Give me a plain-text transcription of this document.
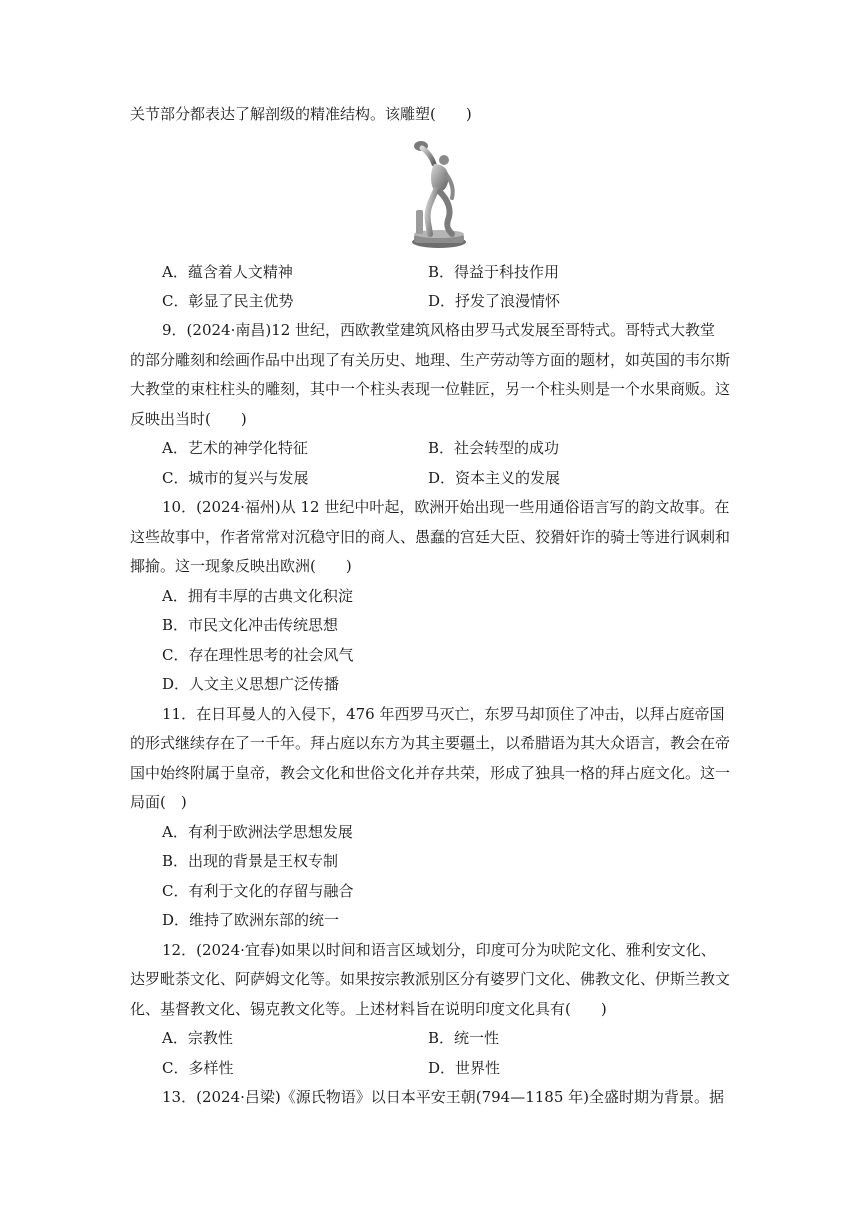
关节部分都表达了解剖级的精准结构。该雕塑(　　)
A．蕴含着人文精神	B．得益于科技作用
C．彰显了民主优势	D．抒发了浪漫情怀
9．(2024·南昌)12 世纪，西欧教堂建筑风格由罗马式发展至哥特式。哥特式大教堂
的部分雕刻和绘画作品中出现了有关历史、地理、生产劳动等方面的题材，如英国的韦尔斯
大教堂的束柱柱头的雕刻，其中一个柱头表现一位鞋匠，另一个柱头则是一个水果商贩。这
反映出当时(　　)
A．艺术的神学化特征	B．社会转型的成功
C．城市的复兴与发展	D．资本主义的发展
10．(2024·福州)从 12 世纪中叶起，欧洲开始出现一些用通俗语言写的韵文故事。在
这些故事中，作者常常对沉稳守旧的商人、愚蠢的宫廷大臣、狡猾奸诈的骑士等进行讽刺和
揶揄。这一现象反映出欧洲(　　)
A．拥有丰厚的古典文化积淀
B．市民文化冲击传统思想
C．存在理性思考的社会风气
D．人文主义思想广泛传播
11．在日耳曼人的入侵下，476 年西罗马灭亡，东罗马却顶住了冲击，以拜占庭帝国
的形式继续存在了一千年。拜占庭以东方为其主要疆土，以希腊语为其大众语言，教会在帝
国中始终附属于皇帝，教会文化和世俗文化并存共荣，形成了独具一格的拜占庭文化。这一
局面(　)
A．有利于欧洲法学思想发展
B．出现的背景是王权专制
C．有利于文化的存留与融合
D．维持了欧洲东部的统一
12．(2024·宜春)如果以时间和语言区域划分，印度可分为吠陀文化、雅利安文化、
达罗毗荼文化、阿萨姆文化等。如果按宗教派别区分有婆罗门文化、佛教文化、伊斯兰教文
化、基督教文化、锡克教文化等。上述材料旨在说明印度文化具有(　　)
A．宗教性	B．统一性
C．多样性	D．世界性
13．(2024·吕梁)《源氏物语》以日本平安王朝(794—1185 年)全盛时期为背景。据
